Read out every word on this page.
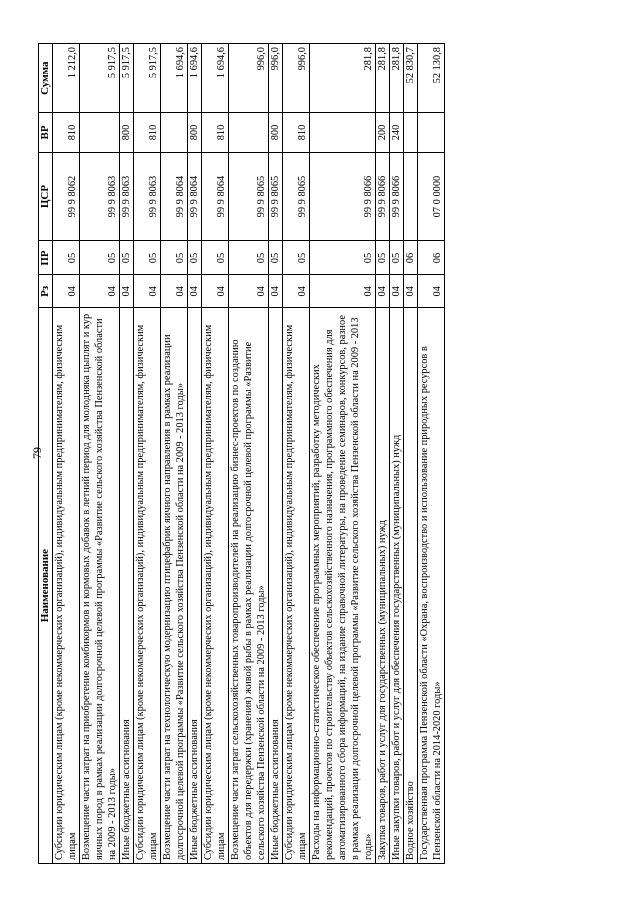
79
Наименование	Рз	ПР	ЦСР	ВР	Сумма
Субсидии юридическим лицам (кроме некоммерческих организаций), индивидуальным предпринимателям, физическим лицам	04	05	99 9 8062	810	1 212,0
Возмещение части затрат на приобретение комбикормов и кормовых добавок в летний период для молодняка цыплят и кур яичных пород в рамках реализации долгосрочной целевой программы «Развитие сельского хозяйства Пензенской области на 2009 - 2013 годы»	04	05	99 9 8063		5 917,5
Иные бюджетные ассигнования	04	05	99 9 8063	800	5 917,5
Субсидии юридическим лицам (кроме некоммерческих организаций), индивидуальным предпринимателям, физическим лицам	04	05	99 9 8063	810	5 917,5
Возмещение части затрат на технологическую модернизацию птицефабрик яичного направления в рамках реализации долгосрочной целевой программы «Развитие сельского хозяйства Пензенской области на 2009 - 2013 годы»	04	05	99 9 8064		1 694,6
Иные бюджетные ассигнования	04	05	99 9 8064	800	1 694,6
Субсидии юридическим лицам (кроме некоммерческих организаций), индивидуальным предпринимателям, физическим лицам	04	05	99 9 8064	810	1 694,6
Возмещение части затрат сельскохозяйственных товаропроизводителей на реализацию бизнес-проектов по созданию объектов для передержки (хранения) живой рыбы в рамках реализации долгосрочной целевой программы «Развитие сельского хозяйства Пензенской области на 2009 - 2013 годы»	04	05	99 9 8065		996,0
Иные бюджетные ассигнования	04	05	99 9 8065	800	996,0
Субсидии юридическим лицам (кроме некоммерческих организаций), индивидуальным предпринимателям, физическим лицам	04	05	99 9 8065	810	996,0
Расходы на информационно-статистическое обеспечение программных мероприятий, разработку методических рекомендаций, проектов по строительству объектов сельскохозяйственного назначения, программного обеспечения для автоматизированного сбора информаций, на издание справочной литературы, на проведение семинаров, конкурсов, разное в рамках реализации долгосрочной целевой программы «Развитие сельского хозяйства Пензенской области на 2009 - 2013 годы»	04	05	99 9 8066		281,8
Закупка товаров, работ и услуг для государственных (муниципальных) нужд	04	05	99 9 8066	200	281,8
Иные закупки товаров, работ и услуг для обеспечения государственных (муниципальных) нужд	04	05	99 9 8066	240	281,8
Водное хозяйство	04	06			52 830,7
Государственная программа Пензенской области «Охрана, воспроизводство и использование природных ресурсов в Пензенской области на 2014-2020 годы»	04	06	07 0 0000		52 130,8
